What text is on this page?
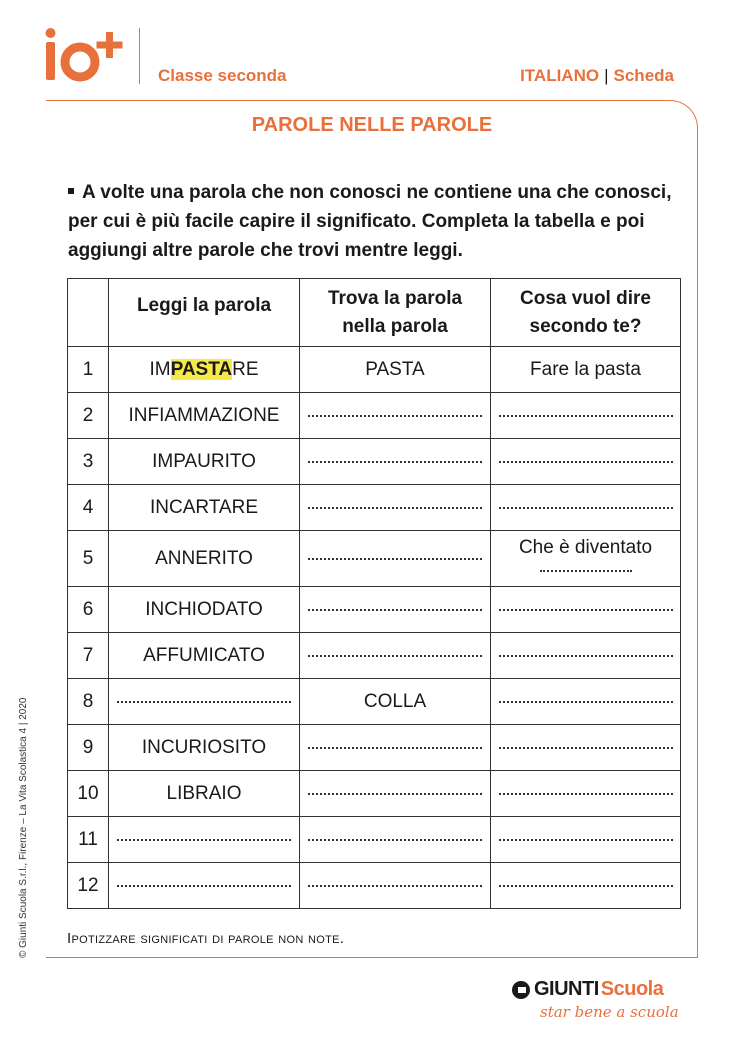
io+
Classe seconda	ITALIANO | Scheda
PAROLE NELLE PAROLE
A volte una parola che non conosci ne contiene una che conosci, per cui è più facile capire il significato. Completa la tabella e poi aggiungi altre parole che trovi mentre leggi.
	Leggi la parola	Trova la parola nella parola	Cosa vuol dire secondo te?

1	IMPASTARE	PASTA	Fare la pasta
2	INFIAMMAZIONE		
3	IMPAURITO		
4	INCARTARE		
5	ANNERITO		Che è diventato

6	INCHIODATO		
7	AFFUMICATO		
8		COLLA	
9	INCURIOSITO		
10	LIBRAIO		
11			
12			
Ipotizzare significati di parole non note.
© Giunti Scuola S.r.l., Firenze – La Vita Scolastica 4 | 2020
GIUNTI Scuola
star bene a scuola
